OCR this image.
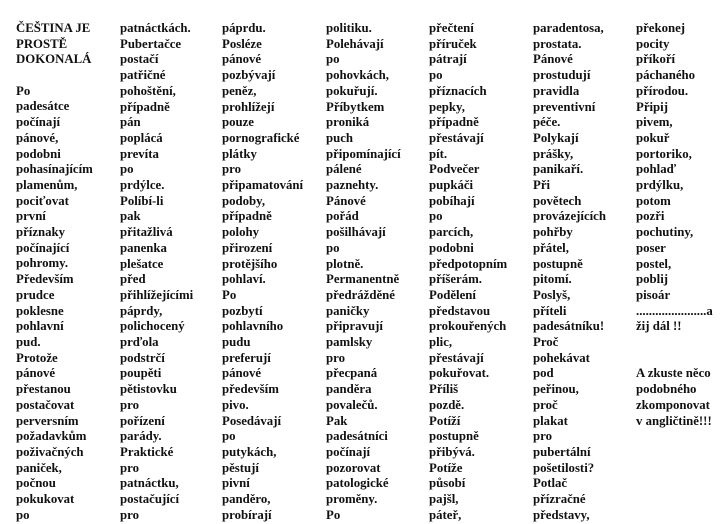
ČEŠTINA JE
PROSTĚ
DOKONALÁ
Po
padesátce
počínají
pánové,
podobni
pohasínajícím
plamenům,
pociťovat
první
příznaky
počínající
pohromy.
Především
prudce
poklesne
pohlavní
pud.
Protože
pánové
přestanou
postačovat
perversním
požadavkům
poživačných
paniček,
počnou
pokukovat
po
patnáctkách.
Pubertačce
postačí
patřičné
pohoštění,
případně
pán
poplácá
prevíta
po
prdýlce.
Políbí-li
pak
přitažlivá
panenka
plešatce
před
přihlížejícími
páprdy,
polichocený
prďola
podstrčí
poupěti
pětistovku
pro
pořízení
parády.
Praktické
pro
patnáctku,
postačující
pro
páprdu.
Posléze
pánové
pozbývají
peněz,
prohlížejí
pouze
pornografické
plátky
pro
připamatování
podoby,
případně
polohy
přirození
protějšího
pohlaví.
Po
pozbytí
pohlavního
pudu
preferují
pánové
především
pivo.
Posedávají
po
putykách,
pěstují
pivní
panděro,
probírají
politiku.
Polehávají
po
pohovkách,
pokuřují.
Příbytkem
proniká
puch
připomínající
pálené
paznehty.
Pánové
pořád
pošilhávají
po
plotně.
Permanentně
předrážděné
paničky
připravují
pamlsky
pro
přecpaná
panděra
povalečů.
Pak
padesátníci
počínají
pozorovat
patologické
proměny.
Po
přečtení
příruček
pátrají
po
příznacích
pepky,
případně
přestávají
pít.
Podvečer
pupkáči
pobíhají
po
parcích,
podobni
předpotopním
příšerám.
Podělení
představou
prokouřených
plic,
přestávají
pokuřovat.
Příliš
pozdě.
Potíží
postupně
přibývá.
Potíže
působí
pajšl,
páteř,
paradentosa,
prostata.
Pánové
prostudují
pravidla
preventivní
péče.
Polykají
prášky,
panikaří.
Při
povětech
provázejících
pohřby
přátel,
postupně
pitomí.
Poslyš,
příteli
padesátníku!
Proč
pohekávat
pod
peřinou,
proč
plakat
pro
pubertální
pošetilosti?
Potlač
přízračné
představy,
překonej
pocity
příkoří
páchaného
přírodou.
Připij
pivem,
pokuř
portoriko,
pohlaď
prdýlku,
potom
pozři
pochutiny,
poser
postel,
poblij
pisoár
......................a
žij dál !!
A zkuste něco
podobného
zkomponovat
v angličtině!!!
